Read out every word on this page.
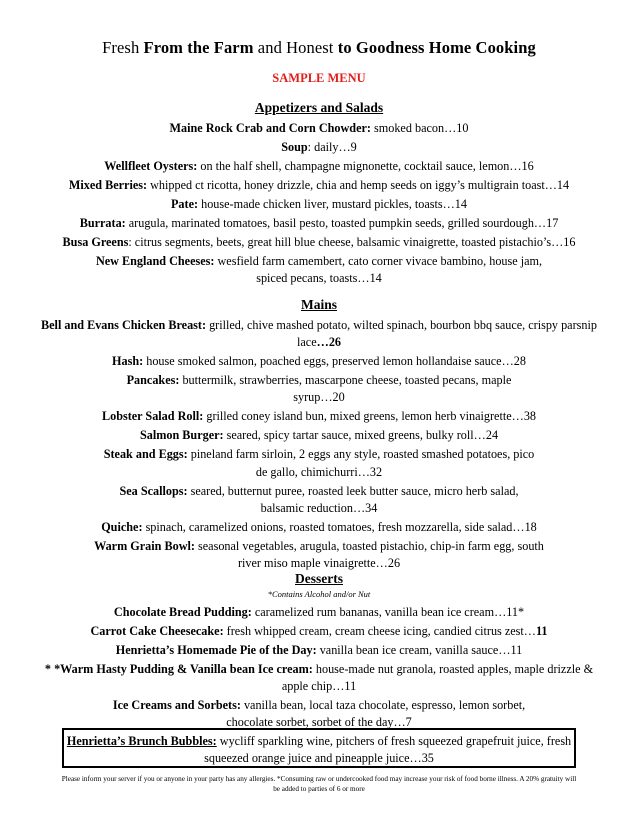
Fresh From the Farm and Honest to Goodness Home Cooking
SAMPLE MENU
Appetizers and Salads
Maine Rock Crab and Corn Chowder: smoked bacon…10
Soup: daily…9
Wellfleet Oysters: on the half shell, champagne mignonette, cocktail sauce, lemon…16
Mixed Berries: whipped ct ricotta, honey drizzle, chia and hemp seeds on iggy’s multigrain toast…14
Pate: house-made chicken liver, mustard pickles, toasts…14
Burrata: arugula, marinated tomatoes, basil pesto, toasted pumpkin seeds, grilled sourdough…17
Busa Greens: citrus segments, beets, great hill blue cheese, balsamic vinaigrette, toasted pistachio’s…16
New England Cheeses: wesfield farm camembert, cato corner vivace bambino, house jam, spiced pecans, toasts…14
Mains
Bell and Evans Chicken Breast: grilled, chive mashed potato, wilted spinach, bourbon bbq sauce, crispy parsnip lace…26
Hash: house smoked salmon, poached eggs, preserved lemon hollandaise sauce…28
Pancakes: buttermilk, strawberries, mascarpone cheese, toasted pecans, maple syrup…20
Lobster Salad Roll: grilled coney island bun, mixed greens, lemon herb vinaigrette…38
Salmon Burger: seared, spicy tartar sauce, mixed greens, bulky roll…24
Steak and Eggs: pineland farm sirloin, 2 eggs any style, roasted smashed potatoes, pico de gallo, chimichurri…32
Sea Scallops: seared, butternut puree, roasted leek butter sauce, micro herb salad, balsamic reduction…34
Quiche: spinach, caramelized onions, roasted tomatoes, fresh mozzarella, side salad…18
Warm Grain Bowl: seasonal vegetables, arugula, toasted pistachio, chip-in farm egg, south river miso maple vinaigrette…26
Desserts
*Contains Alcohol and/or Nut
Chocolate Bread Pudding: caramelized rum bananas, vanilla bean ice cream…11*
Carrot Cake Cheesecake: fresh whipped cream, cream cheese icing, candied citrus zest…11
Henrietta’s Homemade Pie of the Day: vanilla bean ice cream, vanilla sauce…11
* *Warm Hasty Pudding & Vanilla bean Ice cream: house-made nut granola, roasted apples, maple drizzle & apple chip…11
Ice Creams and Sorbets: vanilla bean, local taza chocolate, espresso, lemon sorbet, chocolate sorbet, sorbet of the day…7
Henrietta’s Brunch Bubbles: wycliff sparkling wine, pitchers of fresh squeezed grapefruit juice, fresh squeezed orange juice and pineapple juice…35
Please inform your server if you or anyone in your party has any allergies. *Consuming raw or undercooked food may increase your risk of food borne illness. A 20% gratuity will be added to parties of 6 or more
